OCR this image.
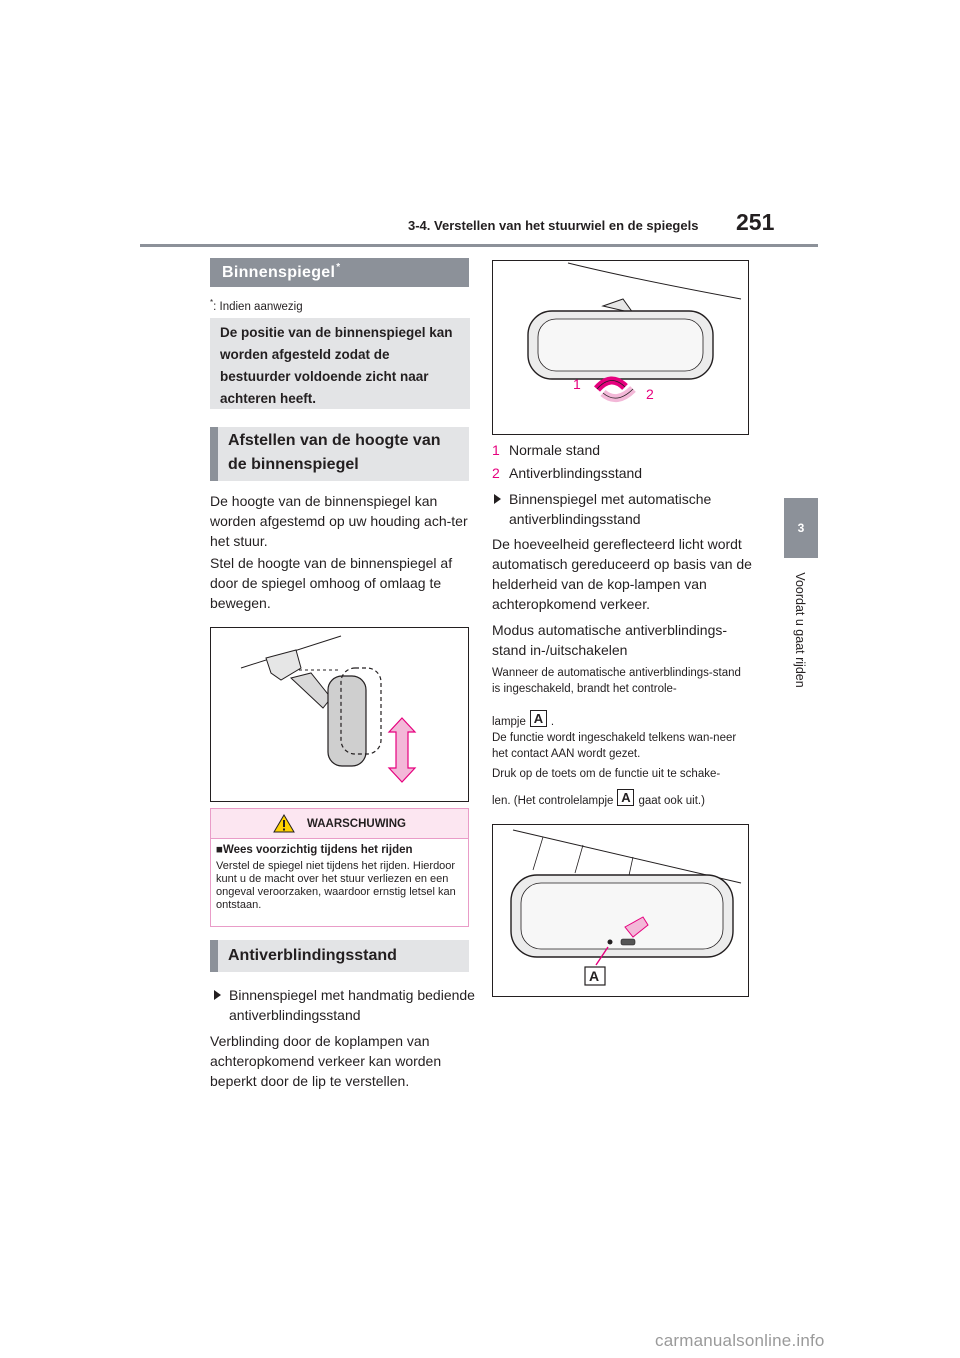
3-4. Verstellen van het stuurwiel en de spiegels 251
3
Voordat u gaat rijden
Binnenspiegel*
*: Indien aanwezig
De positie van de binnenspiegel kan worden afgesteld zodat de bestuurder voldoende zicht naar achteren heeft.
Afstellen van de hoogte van de binnenspiegel
De hoogte van de binnenspiegel kan worden afgestemd op uw houding ach-ter het stuur.
Stel de hoogte van de binnenspiegel af door de spiegel omhoog of omlaag te bewegen.
WAARSCHUWING
■Wees voorzichtig tijdens het rijden
Verstel de spiegel niet tijdens het rijden. Hierdoor kunt u de macht over het stuur verliezen en een ongeval veroorzaken, waardoor ernstig letsel kan ontstaan.
Antiverblindingsstand
Binnenspiegel met handmatig bediende antiverblindingsstand
Verblinding door de koplampen van achteropkomend verkeer kan worden beperkt door de lip te verstellen.
1
2
1 Normale stand
2 Antiverblindingsstand
Binnenspiegel met automatische antiverblindingsstand
De hoeveelheid gereflecteerd licht wordt automatisch gereduceerd op basis van de helderheid van de kop-lampen van achteropkomend verkeer.
Modus automatische antiverblindings-stand in-/uitschakelen
Wanneer de automatische antiverblindings-stand is ingeschakeld, brandt het controle-
lampje A .
De functie wordt ingeschakeld telkens wan-neer het contact AAN wordt gezet.
Druk op de toets om de functie uit te schake-
len. (Het controlelampje A gaat ook uit.)
A
carmanualsonline.info
